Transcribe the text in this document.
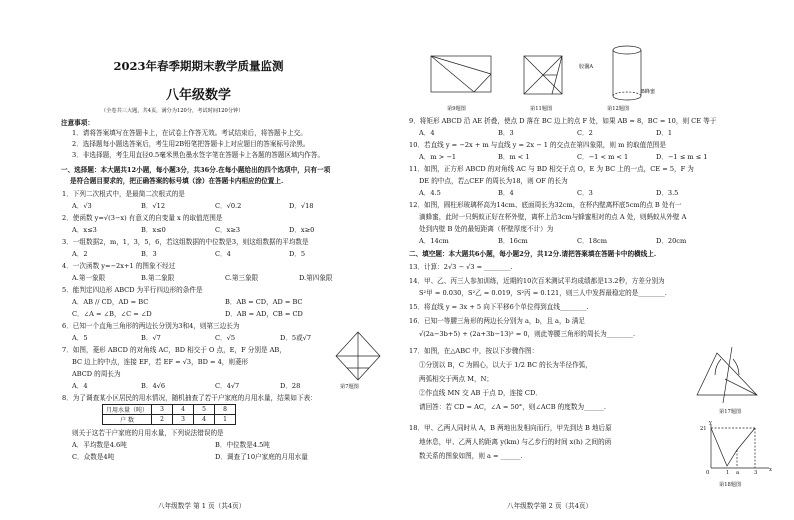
2023年春季期期末教学质量监测
八年级数学
（全卷共三大题，共4页，满分为120分，考试时间120分钟）
注意事项：
1．请将答案填写在答题卡上，在试卷上作答无效。考试结束后，将答题卡上交。
2．选择题每小题选答案后，考生用2B铅笔把答题卡上对应题目的答案标号涂黑。
3．非选择题，考生用直径0.5毫米黑色墨水签字笔在答题卡上各题的答题区域内作答。
一、选择题：本大题共12小题，每小题3分，共36分.在每小题给出的四个选项中，只有一项
是符合题目要求的，把正确答案的标号填（涂）在答题卡内相应的位置上.
1．下列二次根式中，是最简二次根式的是
A．√3	B．√12	C．√0.2	D．√18
2．使函数 y=√(3−x) 有意义的自变量 x 的取值范围是
A．x≤3	B．x≤0	C．x≥3	D．x≥0
3．一组数据2，m，1，3，5，6，若这组数据的中位数是3，则这组数据的平均数是
A．2	B．3	C．4	D．5
4．一次函数 y=−2x+1 的图象不经过
A.第一象限	B.第二象限	C.第三象限	D.第四象限
5．能判定四边形 ABCD 为平行四边形的条件是
A．AB // CD，AD = BC	B．AB = CD，AD = BC
C．∠A = ∠B，∠C = ∠D	D．AB = AD，CB = CD
6．已知一个直角三角形的两边长分别为3和4，则第三边长为
A．5	B．√7	C．√5	D．5或√7
7．如图，菱形 ABCD 的对角线 AC，BD 相交于 O 点，E，F 分别是 AB，
BC 边上的中点，连接 EF，若 EF = √3，BD = 4，则菱形
ABCD 的周长为
A．4	B．4√6	C．4√7	D．28	第7题图
8．为了调查某小区居民的用水情况，随机抽查了若干户家庭的月用水量，结果如下表：
月用水量（吨）	3	4	5	8
户 数	2	3	4	1
则关于这若干户家庭的月用水量，下列说法错误的是
A．平均数是4.6吨	B．中位数是4.5吨
C．众数是4吨	D．调查了10户家庭的月用水量
八年级数学 第 1 页（共4页）
第9题图	第11题图
胶囊A
B蜂蜜
第12题图
9．将矩形 ABCD 沿 AE 折叠，使点 D 落在 BC 边上的点 F 处，如果 AB = 8，BC = 10，则 CE 等于
A．4	B．3	C．2	D．1
10．若直线 y = −2x + m 与直线 y = 2x − 1 的交点在第四象限，则 m 的取值范围是
A．m > −1	B．m < 1	C．−1 < m < 1	D．−1 ≤ m ≤ 1
11．如图，正方形 ABCD 的对角线 AC 与 BD 相交于点 O，E 为 BC 上的一点，CE = 5，F 为
DE 的中点，若△CEF 的周长为18，则 OF 的长为
A．4.5	B．4	C．3	D．3.5
12．如图，圆柱形玻璃杯高为14cm、底面周长为32cm，在杯内壁离杯底5cm的点 B 处有一
滴蜂蜜，此时一只蚂蚁正好在杯外壁，离杯上沿3cm与蜂蜜相对的点 A 处，则蚂蚁从外壁 A
处到内壁 B 处的最短距离（杯壁厚度不计）为
A．14cm	B．16cm	C．18cm	D．20cm
二、填空题：本大题共6小题，每小题2分，共12分.请把答案填在答题卡中的横线上.
13．计算：2√3 − √3 = ________.
14．甲、乙、丙三人参加训练，近期的10次百米测试平均成绩都是13.2秒，方差分别为
S²甲 = 0.030，S²乙 = 0.019，S²丙 = 0.121，则三人中发挥最稳定的是________.
15．将直线 y = 3x + 5 向下平移6个单位得到直线________.
16．已知一等腰三角形的两边长分别为 a，b，且 a，b 满足
√(2a−3b+5) + (2a+3b−13)² = 0，则此等腰三角形的周长为________.
17．如图，在△ABC 中，按以下步骤作图：
①分别以 B，C 为圆心，以大于 1/2 BC 的长为半径作弧，
两弧相交于两点 M，N；
②作直线 MN 交 AB 于点 D，连接 CD．
请回答：若 CD = AC，∠A = 50°，则∠ACB 的度数为______.
第17题图
18．甲、乙两人同时从 A，B 两地出发相向而行，甲先到达 B 地后原
地休息，甲、乙两人的距离 y(km) 与乙步行的时间 x(h) 之间的函
数关系的图象如图，则 a = ______.
y
x
21
0	1 a	3
第18题图
八年级数学第 2 页（共4页）
